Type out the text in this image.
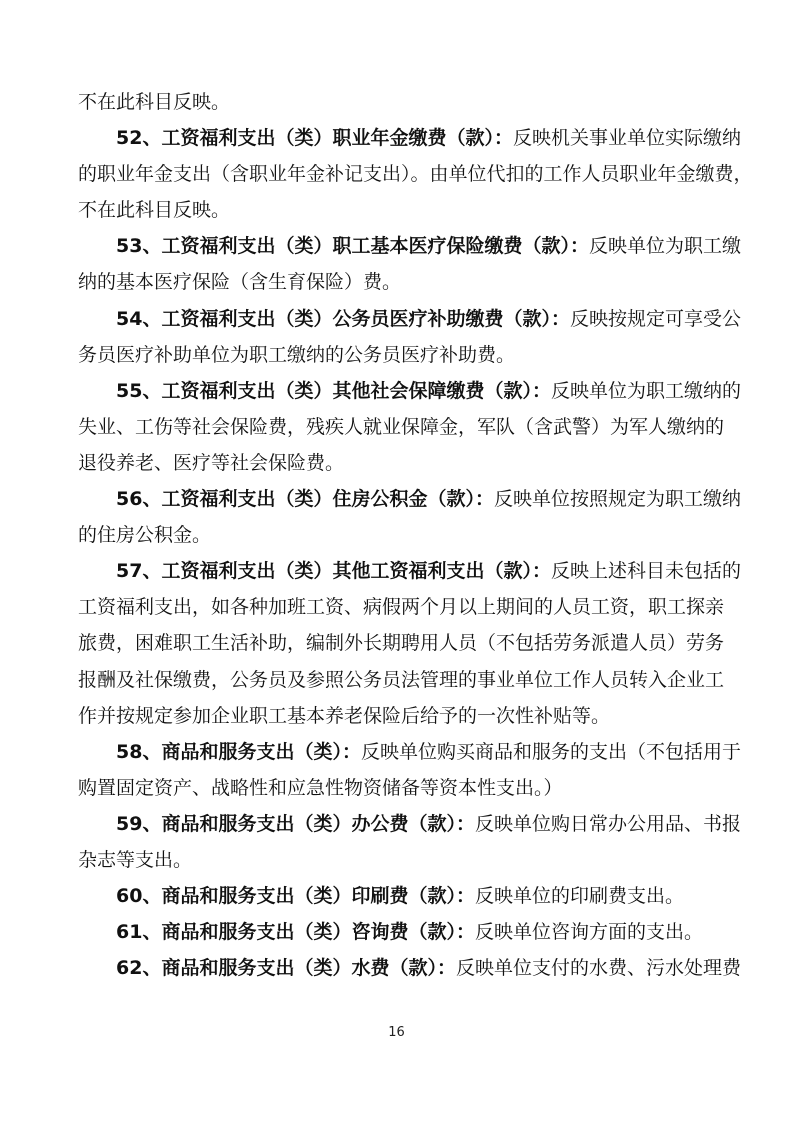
不在此科目反映。
52、工资福利支出（类）职业年金缴费（款）：反映机关事业单位实际缴纳
的职业年金支出（含职业年金补记支出）。由单位代扣的工作人员职业年金缴费，
不在此科目反映。
53、工资福利支出（类）职工基本医疗保险缴费（款）：反映单位为职工缴
纳的基本医疗保险（含生育保险）费。
54、工资福利支出（类）公务员医疗补助缴费（款）：反映按规定可享受公
务员医疗补助单位为职工缴纳的公务员医疗补助费。
55、工资福利支出（类）其他社会保障缴费（款）：反映单位为职工缴纳的
失业、工伤等社会保险费，残疾人就业保障金，军队（含武警）为军人缴纳的
退役养老、医疗等社会保险费。
56、工资福利支出（类）住房公积金（款）：反映单位按照规定为职工缴纳
的住房公积金。
57、工资福利支出（类）其他工资福利支出（款）：反映上述科目未包括的
工资福利支出，如各种加班工资、病假两个月以上期间的人员工资，职工探亲
旅费，困难职工生活补助，编制外长期聘用人员（不包括劳务派遣人员）劳务
报酬及社保缴费，公务员及参照公务员法管理的事业单位工作人员转入企业工
作并按规定参加企业职工基本养老保险后给予的一次性补贴等。
58、商品和服务支出（类）：反映单位购买商品和服务的支出（不包括用于
购置固定资产、战略性和应急性物资储备等资本性支出。）
59、商品和服务支出（类）办公费（款）：反映单位购日常办公用品、书报
杂志等支出。
60、商品和服务支出（类）印刷费（款）：反映单位的印刷费支出。
61、商品和服务支出（类）咨询费（款）：反映单位咨询方面的支出。
62、商品和服务支出（类）水费（款）：反映单位支付的水费、污水处理费
16
